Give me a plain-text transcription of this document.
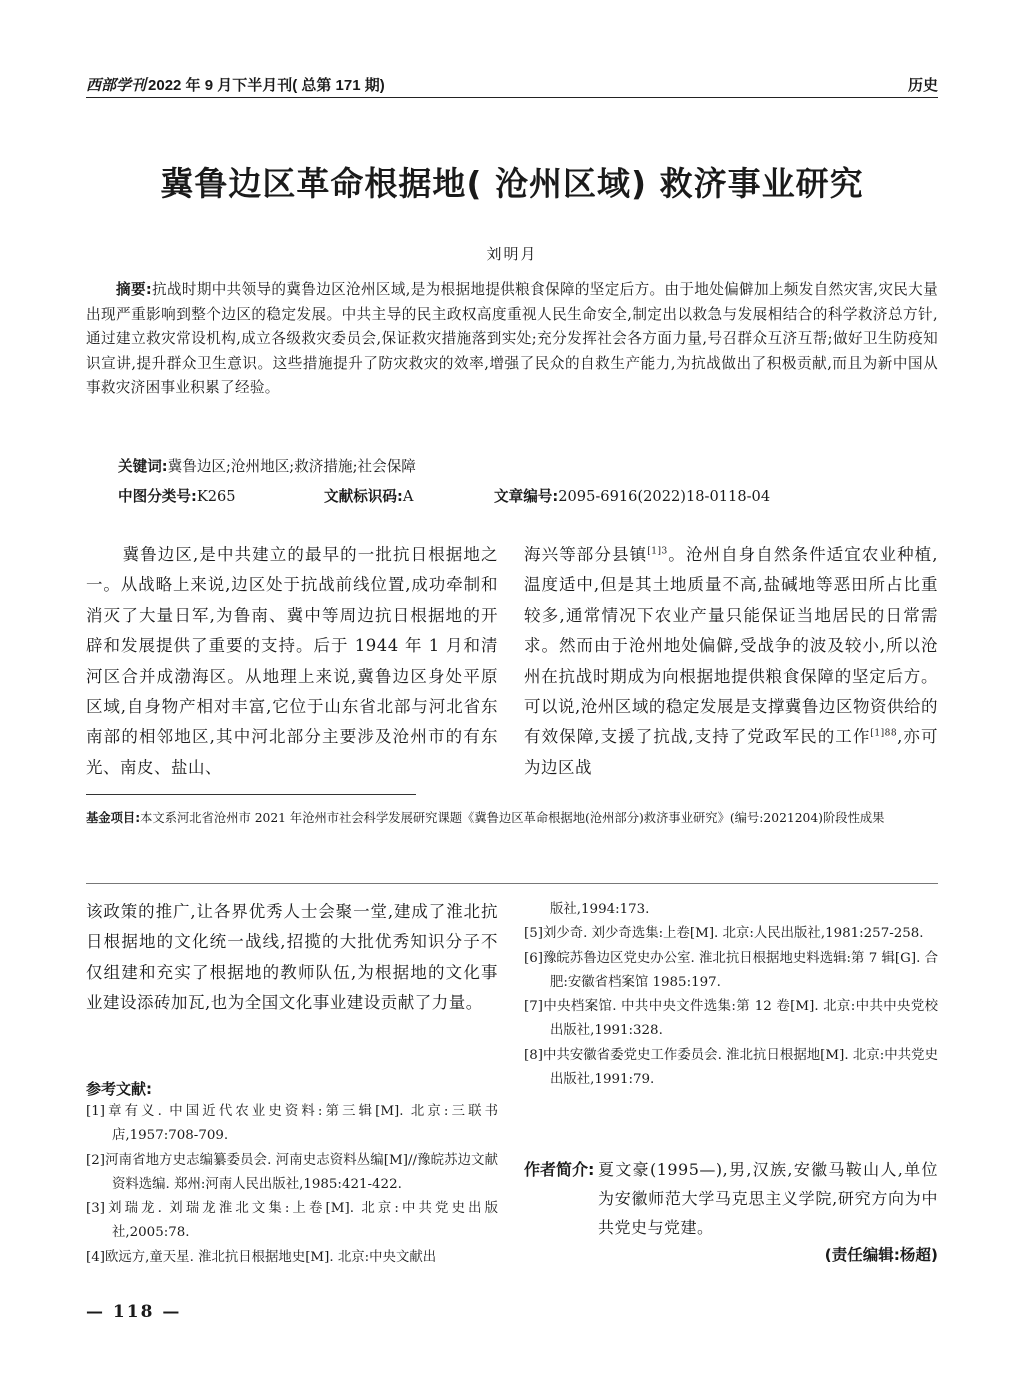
西部学刊 2022 年 9 月下半月刊( 总第 171 期)	历史
冀鲁边区革命根据地( 沧州区域) 救济事业研究
刘明月
摘要:抗战时期中共领导的冀鲁边区沧州区域,是为根据地提供粮食保障的坚定后方。由于地处偏僻加上频发自然灾害,灾民大量出现严重影响到整个边区的稳定发展。中共主导的民主政权高度重视人民生命安全,制定出以救急与发展相结合的科学救济总方针,通过建立救灾常设机构,成立各级救灾委员会,保证救灾措施落到实处;充分发挥社会各方面力量,号召群众互济互帮;做好卫生防疫知识宣讲,提升群众卫生意识。这些措施提升了防灾救灾的效率,增强了民众的自救生产能力,为抗战做出了积极贡献,而且为新中国从事救灾济困事业积累了经验。
关键词:冀鲁边区;沧州地区;救济措施;社会保障
中图分类号:K265	文献标识码:A	文章编号:2095-6916(2022)18-0118-04
冀鲁边区,是中共建立的最早的一批抗日根据地之一。从战略上来说,边区处于抗战前线位置,成功牵制和消灭了大量日军,为鲁南、冀中等周边抗日根据地的开辟和发展提供了重要的支持。后于 1944 年 1 月和清河区合并成渤海区。从地理上来说,冀鲁边区身处平原区域,自身物产相对丰富,它位于山东省北部与河北省东南部的相邻地区,其中河北部分主要涉及沧州市的有东光、南皮、盐山、
海兴等部分县镇$^{[1]3}$。沧州自身自然条件适宜农业种植,温度适中,但是其土地质量不高,盐碱地等恶田所占比重较多,通常情况下农业产量只能保证当地居民的日常需求。然而由于沧州地处偏僻,受战争的波及较小,所以沧州在抗战时期成为向根据地提供粮食保障的坚定后方。可以说,沧州区域的稳定发展是支撑冀鲁边区物资供给的有效保障,支援了抗战,支持了党政军民的工作$^{[1]88}$,亦可为边区战
基金项目:本文系河北省沧州市 2021 年沧州市社会科学发展研究课题《冀鲁边区革命根据地(沧州部分)救济事业研究》(编号:2021204)阶段性成果
该政策的推广,让各界优秀人士会聚一堂,建成了淮北抗日根据地的文化统一战线,招揽的大批优秀知识分子不仅组建和充实了根据地的教师队伍,为根据地的文化事业建设添砖加瓦,也为全国文化事业建设贡献了力量。
参考文献:

[1]章有义. 中国近代农业史资料:第三辑[M]. 北京:三联书店,1957:708-709.

[2]河南省地方史志编纂委员会. 河南史志资料丛编[M]//豫皖苏边文献资料选编. 郑州:河南人民出版社,1985:421-422.

[3]刘瑞龙. 刘瑞龙淮北文集:上卷[M]. 北京:中共党史出版社,2005:78.

[4]欧远方,童天星. 淮北抗日根据地史[M]. 北京:中央文献出

版社,1994:173.

[5]刘少奇. 刘少奇选集:上卷[M]. 北京:人民出版社,1981:257-258.

[6]豫皖苏鲁边区党史办公室. 淮北抗日根据地史料选辑:第 7 辑[G]. 合肥:安徽省档案馆 1985:197.

[7]中央档案馆. 中共中央文件选集:第 12 卷[M]. 北京:中共中央党校出版社,1991:328.

[8]中共安徽省委党史工作委员会. 淮北抗日根据地[M]. 北京:中共党史出版社,1991:79.

作者简介: 夏文豪(1995—),男,汉族,安徽马鞍山人,单位为安徽师范大学马克思主义学院,研究方向为中共党史与党建。
(责任编辑:杨超)
— 118 —
